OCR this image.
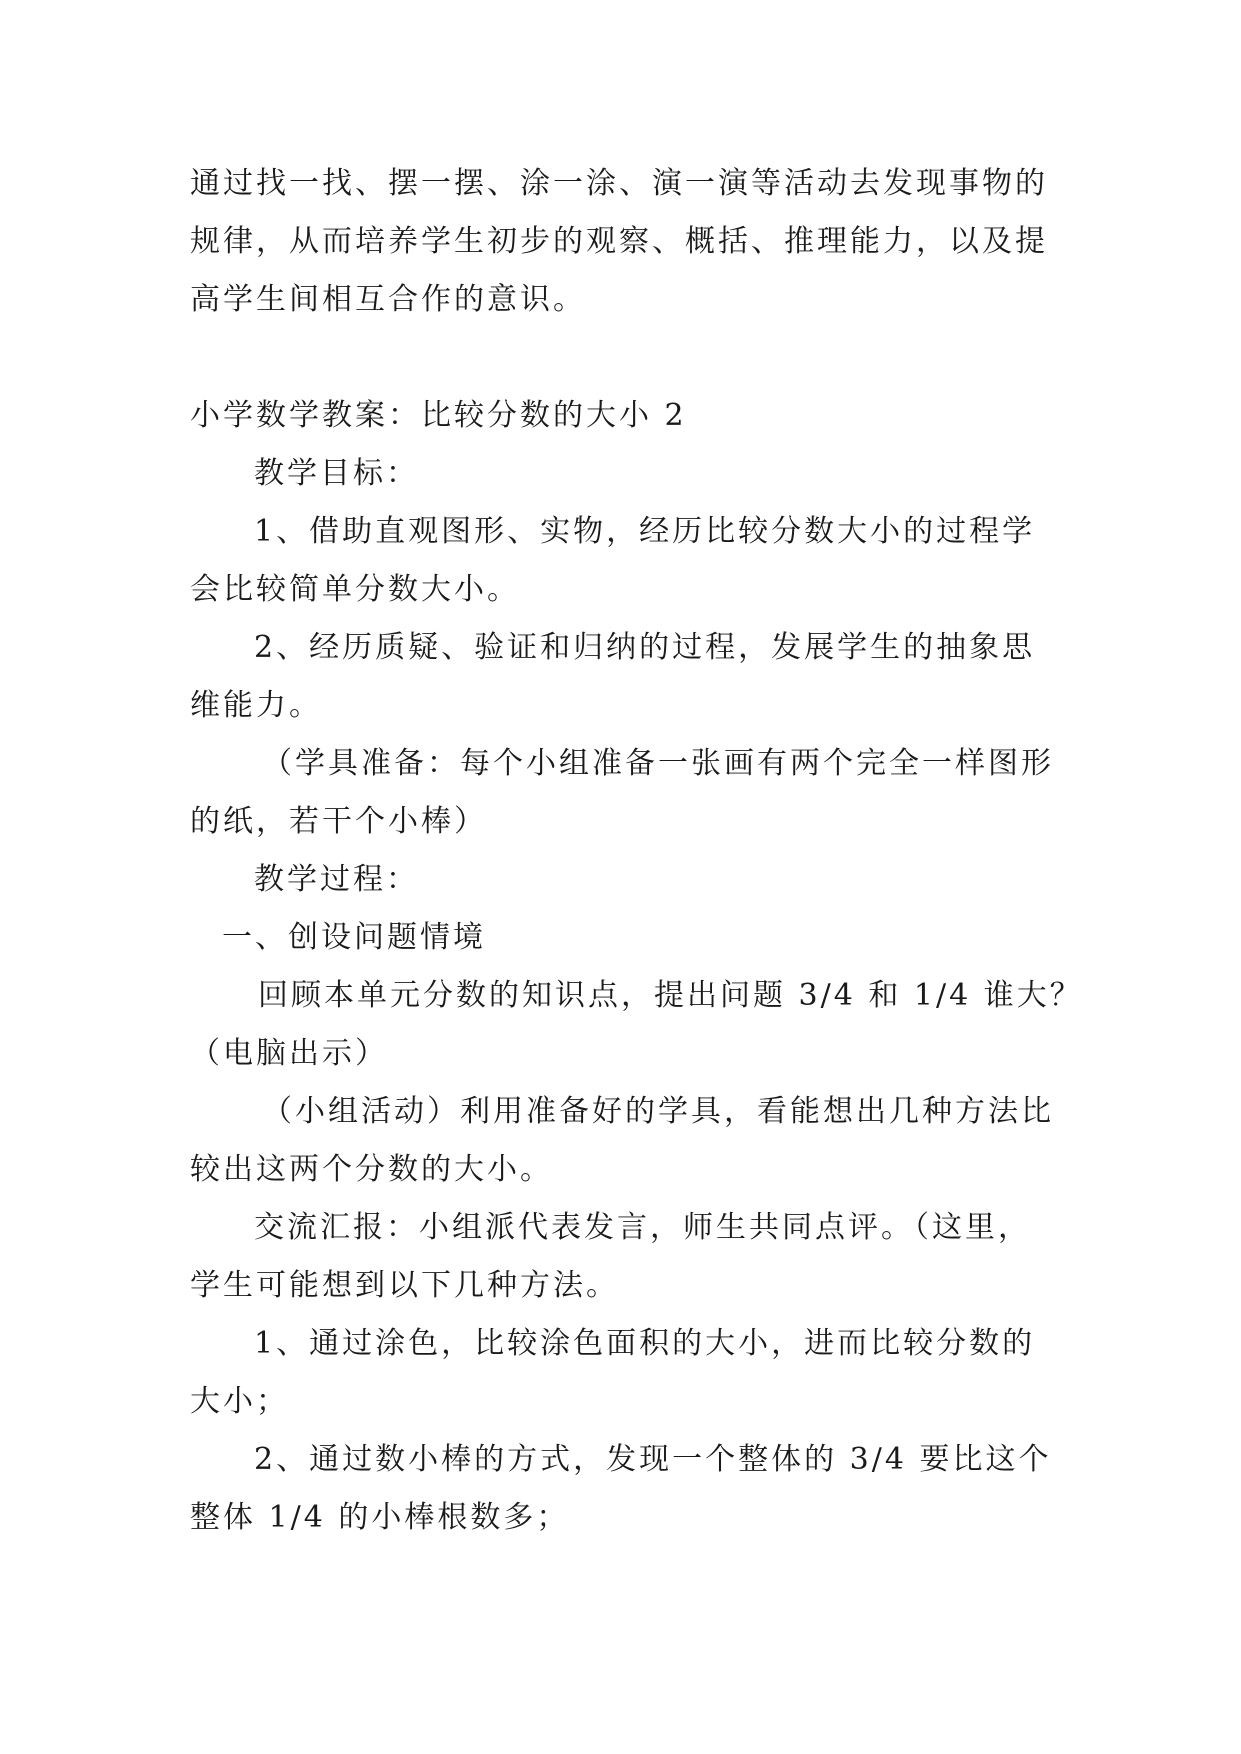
通过找一找、摆一摆、涂一涂、演一演等活动去发现事物的
规律，从而培养学生初步的观察、概括、推理能力，以及提
高学生间相互合作的意识。
小学数学教案：比较分数的大小 2
教学目标：
1、借助直观图形、实物，经历比较分数大小的过程学
会比较简单分数大小。
2、经历质疑、验证和归纳的过程，发展学生的抽象思
维能力。
（学具准备：每个小组准备一张画有两个完全一样图形
的纸，若干个小棒）
教学过程：
一、创设问题情境
回顾本单元分数的知识点，提出问题 3/4 和 1/4 谁大？
（电脑出示）
（小组活动）利用准备好的学具，看能想出几种方法比
较出这两个分数的大小。
交流汇报：小组派代表发言，师生共同点评。（这里，
学生可能想到以下几种方法。
1、通过涂色，比较涂色面积的大小，进而比较分数的
大小；
2、通过数小棒的方式，发现一个整体的 3/4 要比这个
整体 1/4 的小棒根数多；
